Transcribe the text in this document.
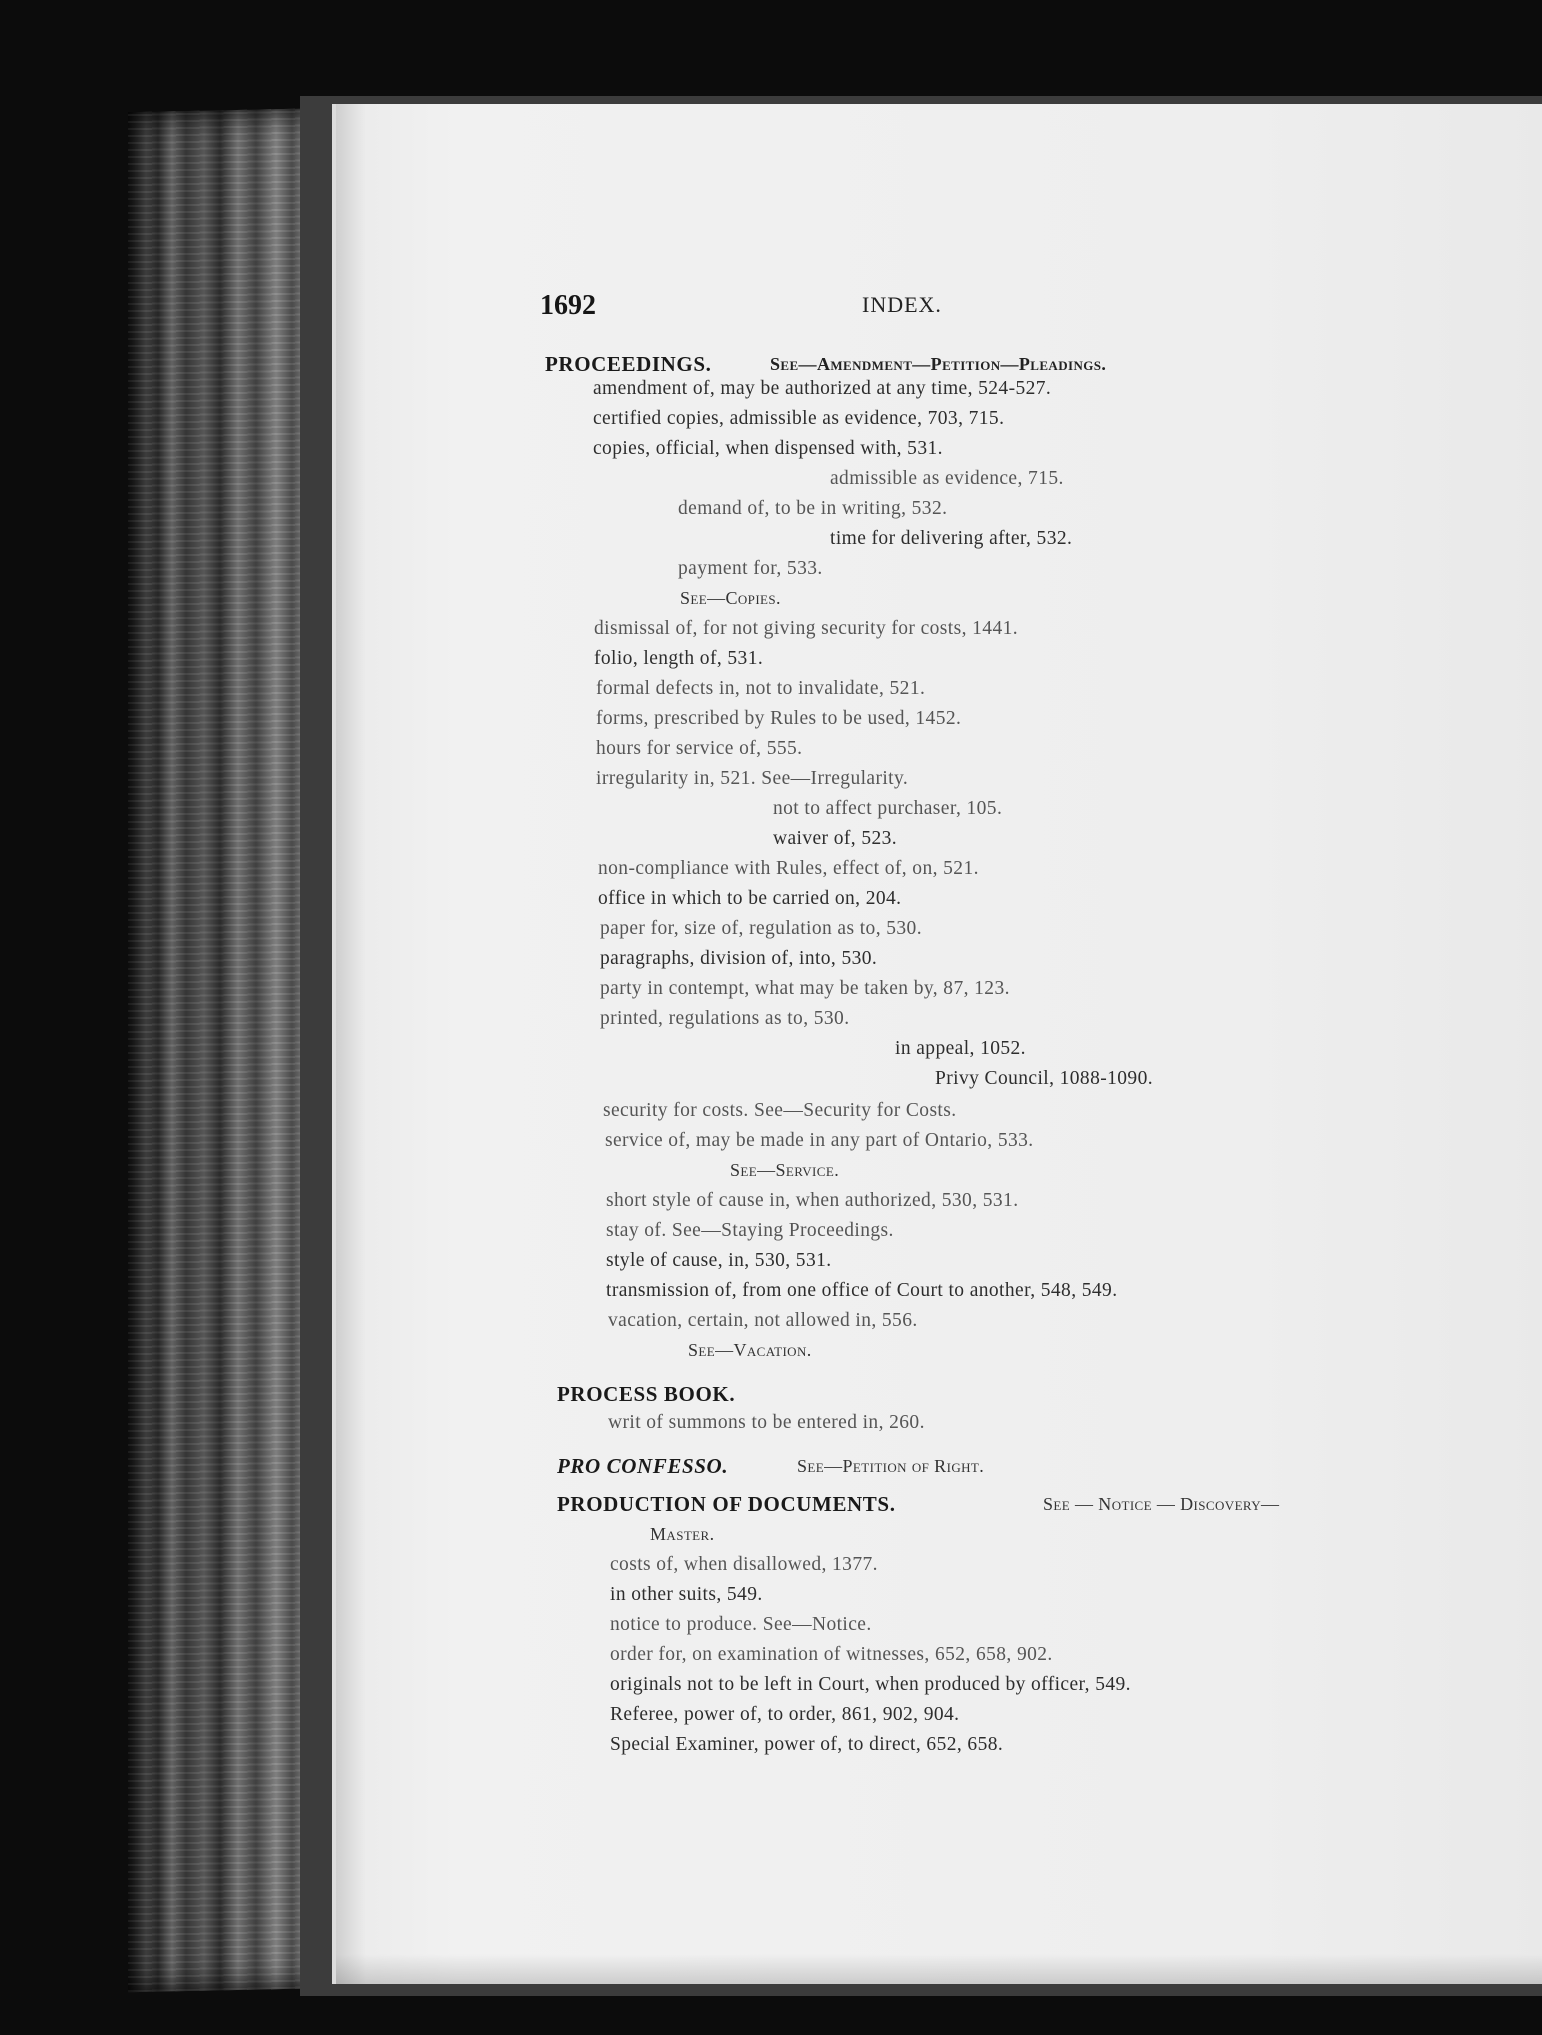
1692	INDEX.
PROCEEDINGS.	See—Amendment—Petition—Pleadings.
amendment of, may be authorized at any time, 524-527.
certified copies, admissible as evidence, 703, 715.
copies, official, when dispensed with, 531.
admissible as evidence, 715.
demand of, to be in writing, 532.
time for delivering after, 532.
payment for, 533.
See—Copies.
dismissal of, for not giving security for costs, 1441.
folio, length of, 531.
formal defects in, not to invalidate, 521.
forms, prescribed by Rules to be used, 1452.
hours for service of, 555.
irregularity in, 521. See—Irregularity.
not to affect purchaser, 105.
waiver of, 523.
non-compliance with Rules, effect of, on, 521.
office in which to be carried on, 204.
paper for, size of, regulation as to, 530.
paragraphs, division of, into, 530.
party in contempt, what may be taken by, 87, 123.
printed, regulations as to, 530.
in appeal, 1052.
Privy Council, 1088-1090.
security for costs. See—Security for Costs.
service of, may be made in any part of Ontario, 533.
See—Service.
short style of cause in, when authorized, 530, 531.
stay of. See—Staying Proceedings.
style of cause, in, 530, 531.
transmission of, from one office of Court to another, 548, 549.
vacation, certain, not allowed in, 556.
See—Vacation.
PROCESS BOOK.
writ of summons to be entered in, 260.
PRO CONFESSO.	See—Petition of Right.
PRODUCTION OF DOCUMENTS.	See — Notice — Discovery—
Master.
costs of, when disallowed, 1377.
in other suits, 549.
notice to produce. See—Notice.
order for, on examination of witnesses, 652, 658, 902.
originals not to be left in Court, when produced by officer, 549.
Referee, power of, to order, 861, 902, 904.
Special Examiner, power of, to direct, 652, 658.
